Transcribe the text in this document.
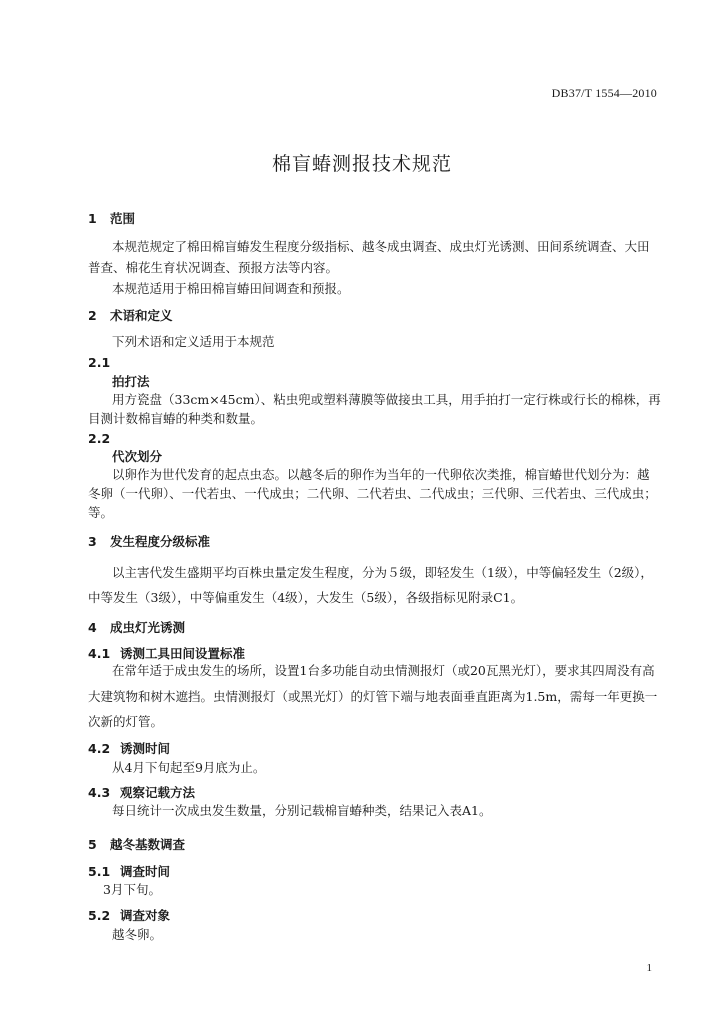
DB37/T 1554—2010
棉盲蝽测报技术规范
1 范围
本规范规定了棉田棉盲蝽发生程度分级指标、越冬成虫调查、成虫灯光诱测、田间系统调查、大田
普查、棉花生育状况调查、预报方法等内容。
本规范适用于棉田棉盲蝽田间调查和预报。
2 术语和定义
下列术语和定义适用于本规范
2.1
拍打法
用方瓷盘（33cm×45cm）、粘虫兜或塑料薄膜等做接虫工具，用手拍打一定行株或行长的棉株，再
目测计数棉盲蝽的种类和数量。
2.2
代次划分
以卵作为世代发育的起点虫态。以越冬后的卵作为当年的一代卵依次类推，棉盲蝽世代划分为：越
冬卵（一代卵）、一代若虫、一代成虫；二代卵、二代若虫、二代成虫；三代卵、三代若虫、三代成虫；
等。
3 发生程度分级标准
以主害代发生盛期平均百株虫量定发生程度，分为５级，即轻发生（1级），中等偏轻发生（2级），
中等发生（3级），中等偏重发生（4级），大发生（5级），各级指标见附录C1。
4 成虫灯光诱测
4.1 诱测工具田间设置标准
在常年适于成虫发生的场所，设置1台多功能自动虫情测报灯（或20瓦黑光灯），要求其四周没有高
大建筑物和树木遮挡。虫情测报灯（或黑光灯）的灯管下端与地表面垂直距离为1.5m，需每一年更换一
次新的灯管。
4.2 诱测时间
从4月下旬起至9月底为止。
4.3 观察记载方法
每日统计一次成虫发生数量，分别记载棉盲蝽种类，结果记入表A1。
5 越冬基数调查
5.1 调查时间
3月下旬。
5.2 调查对象
越冬卵。
1
